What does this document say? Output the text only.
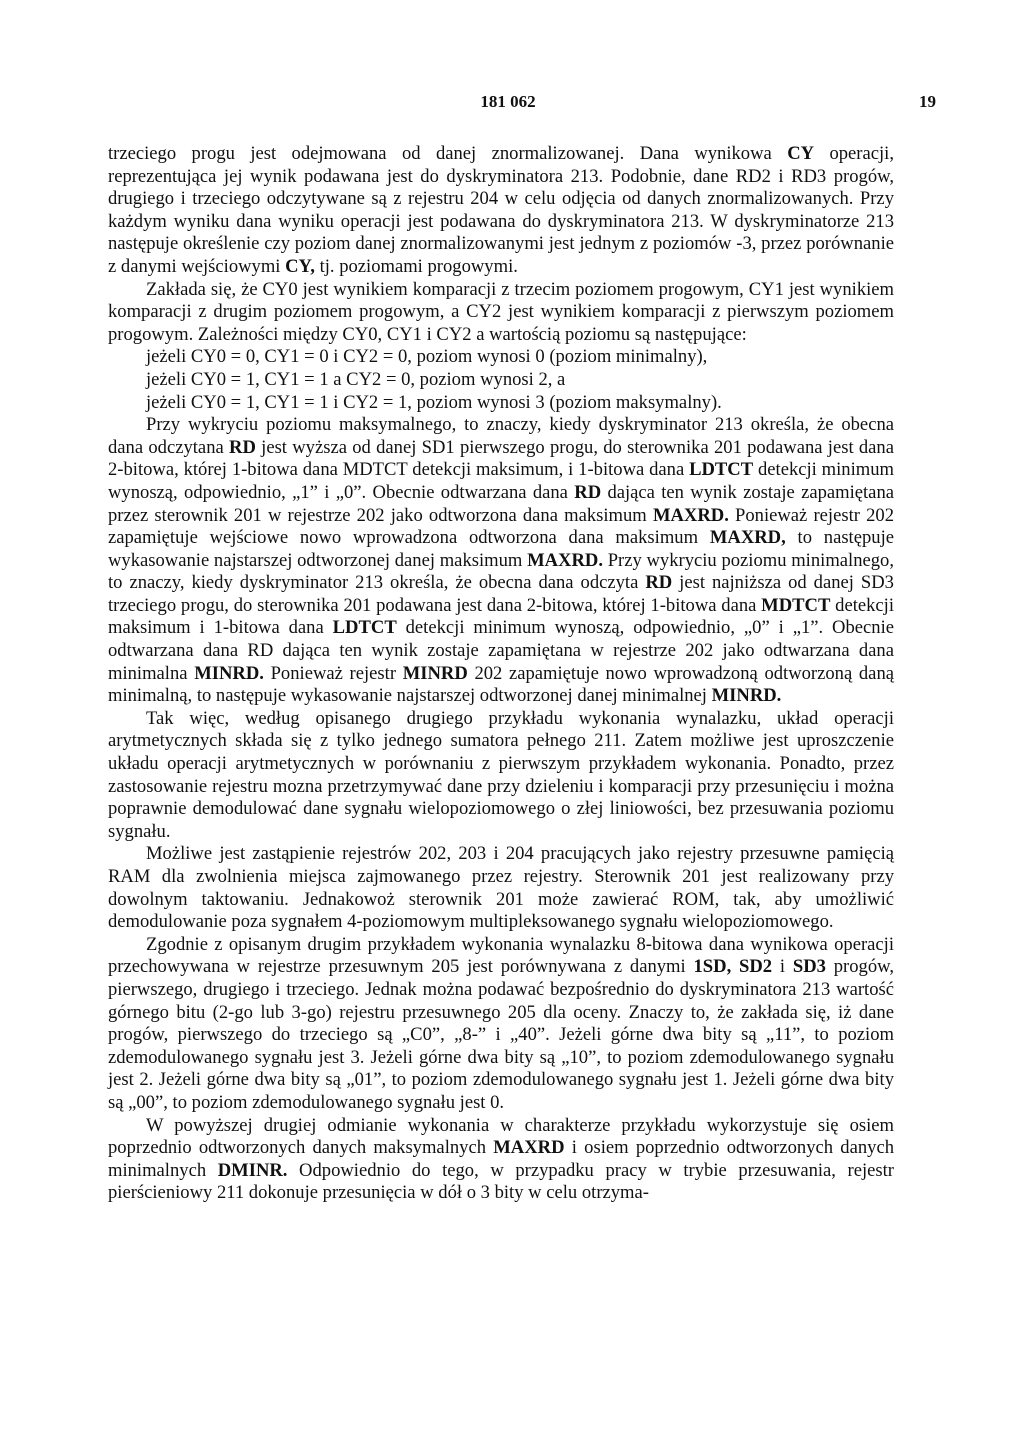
181 062	19

trzeciego progu jest odejmowana od danej znormalizowanej. Dana wynikowa CY operacji, reprezentująca jej wynik podawana jest do dyskryminatora 213. Podobnie, dane RD2 i RD3 progów, drugiego i trzeciego odczytywane są z rejestru 204 w celu odjęcia od danych znormalizowanych. Przy każdym wyniku dana wyniku operacji jest podawana do dyskryminatora 213. W dyskryminatorze 213 następuje określenie czy poziom danej znormalizowanymi jest jednym z poziomów -3, przez porównanie z danymi wejściowymi CY, tj. poziomami progowymi.

Zakłada się, że CY0 jest wynikiem komparacji z trzecim poziomem progowym, CY1 jest wynikiem komparacji z drugim poziomem progowym, a CY2 jest wynikiem komparacji z pierwszym poziomem progowym. Zależności między CY0, CY1 i CY2 a wartością poziomu są następujące:

jeżeli CY0 = 0, CY1 = 0 i CY2 = 0, poziom wynosi 0 (poziom minimalny),
jeżeli CY0 = 1, CY1 = 1 a CY2 = 0, poziom wynosi 2, a
jeżeli CY0 = 1, CY1 = 1 i CY2 = 1, poziom wynosi 3 (poziom maksymalny).

Przy wykryciu poziomu maksymalnego, to znaczy, kiedy dyskryminator 213 określa, że obecna dana odczytana RD jest wyższa od danej SD1 pierwszego progu, do sterownika 201 podawana jest dana 2-bitowa, której 1-bitowa dana MDTCT detekcji maksimum, i 1-bitowa dana LDTCT detekcji minimum wynoszą, odpowiednio, „1” i „0”. Obecnie odtwarzana dana RD dająca ten wynik zostaje zapamiętana przez sterownik 201 w rejestrze 202 jako odtworzona dana maksimum MAXRD. Ponieważ rejestr 202 zapamiętuje wejściowe nowo wprowadzona odtworzona dana maksimum MAXRD, to następuje wykasowanie najstarszej odtworzonej danej maksimum MAXRD. Przy wykryciu poziomu minimalnego, to znaczy, kiedy dyskryminator 213 określa, że obecna dana odczyta RD jest najniższa od danej SD3 trzeciego progu, do sterownika 201 podawana jest dana 2-bitowa, której 1-bitowa dana MDTCT detekcji maksimum i 1-bitowa dana LDTCT detekcji minimum wynoszą, odpowiednio, „0” i „1”. Obecnie odtwarzana dana RD dająca ten wynik zostaje zapamiętana w rejestrze 202 jako odtwarzana dana minimalna MINRD. Ponieważ rejestr MINRD 202 zapamiętuje nowo wprowadzoną odtworzoną daną minimalną, to następuje wykasowanie najstarszej odtworzonej danej minimalnej MINRD.

Tak więc, według opisanego drugiego przykładu wykonania wynalazku, układ operacji arytmetycznych składa się z tylko jednego sumatora pełnego 211. Zatem możliwe jest uproszczenie układu operacji arytmetycznych w porównaniu z pierwszym przykładem wykonania. Ponadto, przez zastosowanie rejestru mozna przetrzymywać dane przy dzieleniu i komparacji przy przesunięciu i można poprawnie demodulować dane sygnału wielopoziomowego o złej liniowości, bez przesuwania poziomu sygnału.

Możliwe jest zastąpienie rejestrów 202, 203 i 204 pracujących jako rejestry przesuwne pamięcią RAM dla zwolnienia miejsca zajmowanego przez rejestry. Sterownik 201 jest realizowany przy dowolnym taktowaniu. Jednakowoż sterownik 201 może zawierać ROM, tak, aby umożliwić demodulowanie poza sygnałem 4-poziomowym multipleksowanego sygnału wielopoziomowego.

Zgodnie z opisanym drugim przykładem wykonania wynalazku 8-bitowa dana wynikowa operacji przechowywana w rejestrze przesuwnym 205 jest porównywana z danymi 1SD, SD2 i SD3 progów, pierwszego, drugiego i trzeciego. Jednak można podawać bezpośrednio do dyskryminatora 213 wartość górnego bitu (2-go lub 3-go) rejestru przesuwnego 205 dla oceny. Znaczy to, że zakłada się, iż dane progów, pierwszego do trzeciego są „C0”, „8-” i „40”. Jeżeli górne dwa bity są „11”, to poziom zdemodulowanego sygnału jest 3. Jeżeli górne dwa bity są „10”, to poziom zdemodulowanego sygnału jest 2. Jeżeli górne dwa bity są „01”, to poziom zdemodulowanego sygnału jest 1. Jeżeli górne dwa bity są „00”, to poziom zdemodulowanego sygnału jest 0.

W powyższej drugiej odmianie wykonania w charakterze przykładu wykorzystuje się osiem poprzednio odtworzonych danych maksymalnych MAXRD i osiem poprzednio odtworzonych danych minimalnych DMINR. Odpowiednio do tego, w przypadku pracy w trybie przesuwania, rejestr pierścieniowy 211 dokonuje przesunięcia w dół o 3 bity w celu otrzyma-
